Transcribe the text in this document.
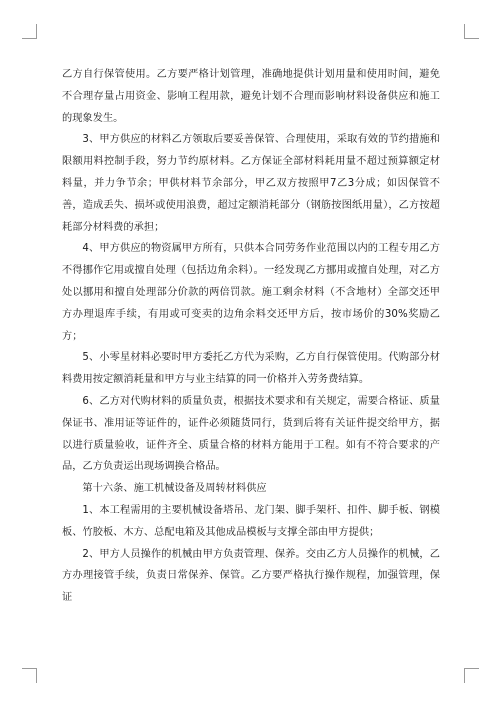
乙方自行保管使用。乙方要严格计划管理，准确地提供计划用量和使用时间，避免不合理存量占用资金、影响工程用款，避免计划不合理而影响材料设备供应和施工的现象发生。

3、甲方供应的材料乙方领取后要妥善保管、合理使用，采取有效的节约措施和限额用料控制手段，努力节约原材料。乙方保证全部材料耗用量不超过预算额定材料量，并力争节余；甲供材料节余部分，甲乙双方按照甲7乙3分成；如因保管不善，造成丢失、损坏或使用浪费，超过定额消耗部分（钢筋按图纸用量），乙方按超耗部分材料费的承担；

4、甲方供应的物资属甲方所有，只供本合同劳务作业范围以内的工程专用乙方不得挪作它用或擅自处理（包括边角余料）。一经发现乙方挪用或擅自处理，对乙方处以挪用和擅自处理部分价款的两倍罚款。施工剩余材料（不含地材）全部交还甲方办理退库手续，有用或可变卖的边角余料交还甲方后，按市场价的30%奖励乙方；

5、小零星材料必要时甲方委托乙方代为采购，乙方自行保管使用。代购部分材料费用按定额消耗量和甲方与业主结算的同一价格并入劳务费结算。

6、乙方对代购材料的质量负责，根据技术要求和有关规定，需要合格证、质量保证书、准用证等证件的，证件必须随货同行，货到后将有关证件提交给甲方，据以进行质量验收，证件齐全、质量合格的材料方能用于工程。如有不符合要求的产品，乙方负责运出现场调换合格品。

第十六条、施工机械设备及周转材料供应

1、本工程需用的主要机械设备塔吊、龙门架、脚手架杆、扣件、脚手板、钢模板、竹胶板、木方、总配电箱及其他成品模板与支撑全部由甲方提供；

2、甲方人员操作的机械由甲方负责管理、保养。交由乙方人员操作的机械，乙方办理接管手续，负责日常保养、保管。乙方要严格执行操作规程，加强管理，保证
